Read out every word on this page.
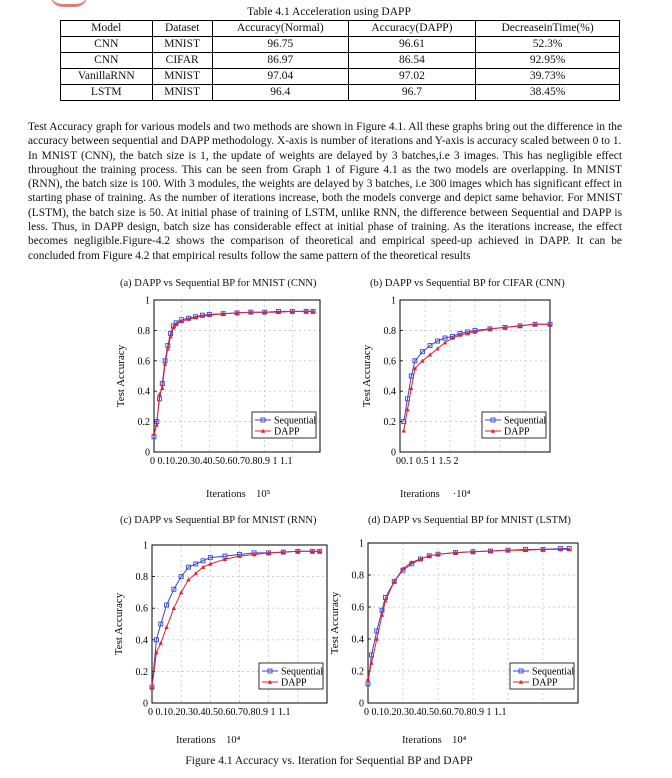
Table 4.1 Acceleration using DAPP
Model	Dataset	Accuracy(Normal)	Accuracy(DAPP)	DecreaseinTime(%)
CNN	MNIST	96.75	96.61	52.3%
CNN	CIFAR	86.97	86.54	92.95%
VanillaRNN	MNIST	97.04	97.02	39.73%
LSTM	MNIST	96.4	96.7	38.45%

Test Accuracy graph for various models and two methods are shown in Figure 4.1. All these graphs bring out the difference in the accuracy between sequential and DAPP methodology. X-axis is number of iterations and Y-axis is accuracy scaled between 0 to 1.

In MNIST (CNN), the batch size is 1, the update of weights are delayed by 3 batches,i.e 3 images. This has negligible effect throughout the training process. This can be seen from Graph 1 of Figure 4.1 as the two models are overlapping. In MNIST (RNN), the batch size is 100. With 3 modules, the weights are delayed by 3 batches, i.e 300 images which has significant effect in starting phase of training. As the number of iterations increase, both the models converge and depict same behavior. For MNIST (LSTM), the batch size is 50. At initial phase of training of LSTM, unlike RNN, the difference between Sequential and DAPP is less. Thus, in DAPP design, batch size has considerable effect at initial phase of training. As the iterations increase, the effect becomes negligible.Figure-4.2 shows the comparison of theoretical and empirical speed-up achieved in DAPP. It can be concluded from Figure 4.2 that empirical results follow the same pattern of the theoretical results

(a) DAPP vs Sequential BP for MNIST (CNN)
0
0.2
0.4
0.6
0.8
1
0 0.10.20.30.40.50.60.70.80.9 1 1.1
Test Accuracy
Sequential
DAPP
Iterations 10⁵
(b) DAPP vs Sequential BP for CIFAR (CNN)
0
0.2
0.4
0.6
0.8
1
00.1 0.5 1 1.5 2
Test Accuracy
Sequential
DAPP
Iterations ·10⁴
(c) DAPP vs Sequential BP for MNIST (RNN)
0
0.2
0.4
0.6
0.8
1
0 0.10.20.30.40.50.60.70.80.9 1 1.1
Test Accuracy
Sequential
DAPP
Iterations 10⁴
(d) DAPP vs Sequential BP for MNIST (LSTM)
0
0.2
0.4
0.6
0.8
1
0 0.10.20.30.40.50.60.70.80.9 1 1.1
Test Accuracy
Sequential
DAPP
Iterations 10⁴
Figure 4.1 Accuracy vs. Iteration for Sequential BP and DAPP
